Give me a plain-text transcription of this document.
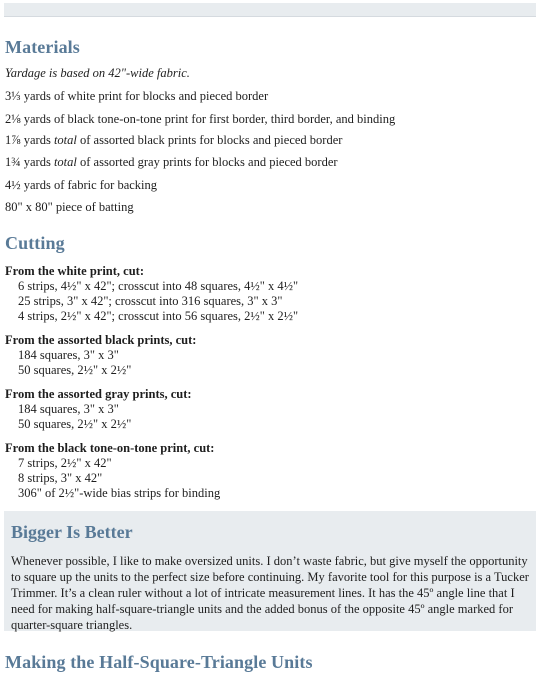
Materials

Yardage is based on 42"-wide fabric.

3⅓ yards of white print for blocks and pieced border

2⅛ yards of black tone-on-tone print for first border, third border, and binding

1⅞ yards total of assorted black prints for blocks and pieced border

1¾ yards total of assorted gray prints for blocks and pieced border

4½ yards of fabric for backing

80" x 80" piece of batting

Cutting

From the white print, cut:

6 strips, 4½" x 42"; crosscut into 48 squares, 4½" x 4½"
25 strips, 3" x 42"; crosscut into 316 squares, 3" x 3"
4 strips, 2½" x 42"; crosscut into 56 squares, 2½" x 2½"

From the assorted black prints, cut:

184 squares, 3" x 3"
50 squares, 2½" x 2½"

From the assorted gray prints, cut:

184 squares, 3" x 3"
50 squares, 2½" x 2½"

From the black tone-on-tone print, cut:

7 strips, 2½" x 42"
8 strips, 3" x 42"
306" of 2½"-wide bias strips for binding
Bigger Is Better
Whenever possible, I like to make oversized units. I don’t waste fabric, but give myself the opportunity to square up the units to the perfect size before continuing. My favorite tool for this purpose is a Tucker Trimmer. It’s a clean ruler without a lot of intricate measurement lines. It has the 45º angle line that I need for making half-square-triangle units and the added bonus of the opposite 45º angle marked for quarter-square triangles.
Making the Half-Square-Triangle Units
